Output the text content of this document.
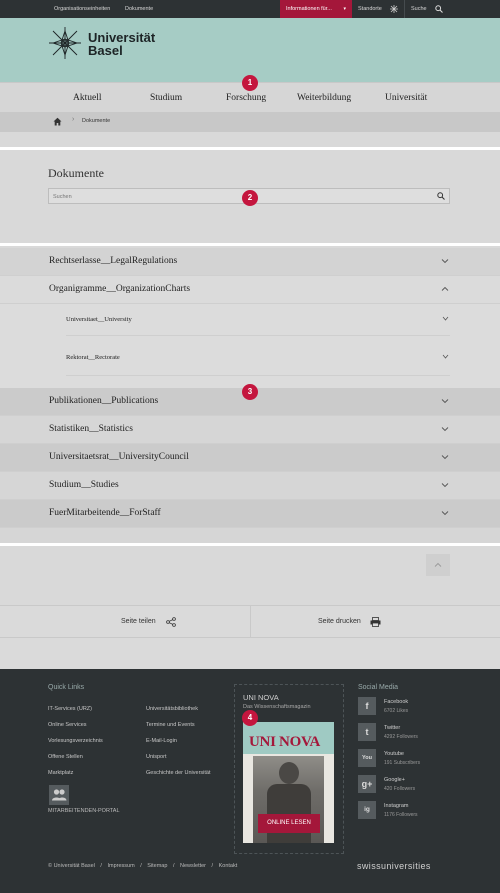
Organisationseinheiten	Dokumente	Informationen für... ▾ Standorte	Suche
Universität
Basel
Aktuell	Studium	Forschung	Weiterbildung	Universität
› Dokumente
Dokumente
Suchen
Rechtserlasse__LegalRegulations
Organigramme__OrganizationCharts
Universitaet__University
Rektorat__Rectorate
Publikationen__Publications
Statistiken__Statistics
Universitaetsrat__UniversityCouncil
Studium__Studies
FuerMitarbeitende__ForStaff
Seite teilen	Seite drucken
Quick Links
IT-Services (URZ)
Online Services
Vorlesungsverzeichnis
Offene Stellen
Marktplatz
Universitätsbibliothek
Termine und Events
E-Mail-Login
Unisport
Geschichte der Universität
MITARBEITENDEN-PORTAL
UNI NOVA
Das Wissenschaftsmagazin
UNI NOVA
ONLINE LESEN
Social Media
f	Facebook
6702 Likes
t	Twitter
4292 Followers
You
Youtube
191 Subscribers
g+	Google+
420 Followers
ig	Instagram
1176 Followers
© Universität Basel / Impressum / Sitemap / Newsletter / Kontakt	swissuniversities
1
2
3
4
